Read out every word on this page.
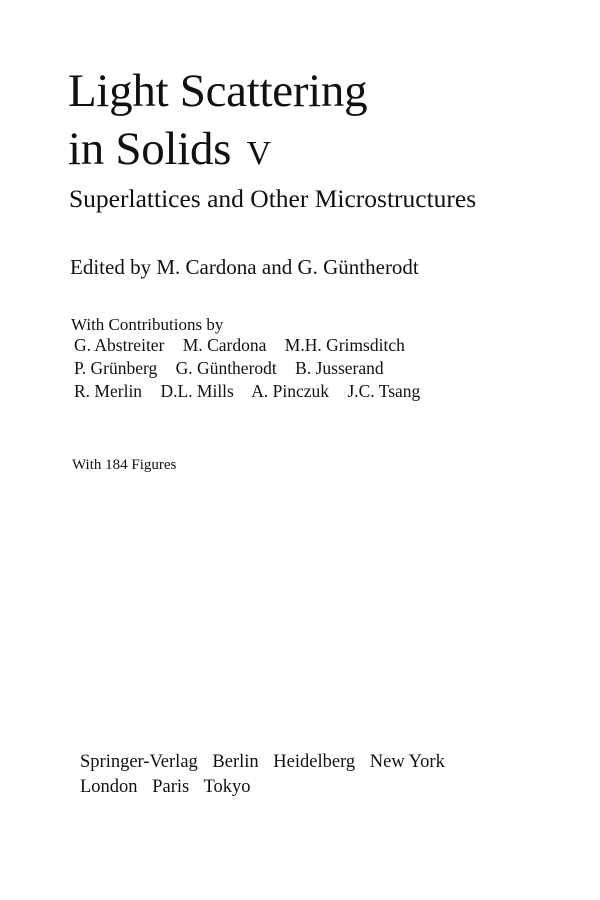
Light Scattering
in Solids V
Superlattices and Other Microstructures

Edited by M. Cardona and G. Güntherodt

With Contributions by

G. Abstreiter M. Cardona M.H. Grimsditch
P. Grünberg G. Güntherodt B. Jusserand
R. Merlin D.L. Mills A. Pinczuk J.C. Tsang
With 184 Figures
Springer-Verlag Berlin Heidelberg New York
London Paris Tokyo
